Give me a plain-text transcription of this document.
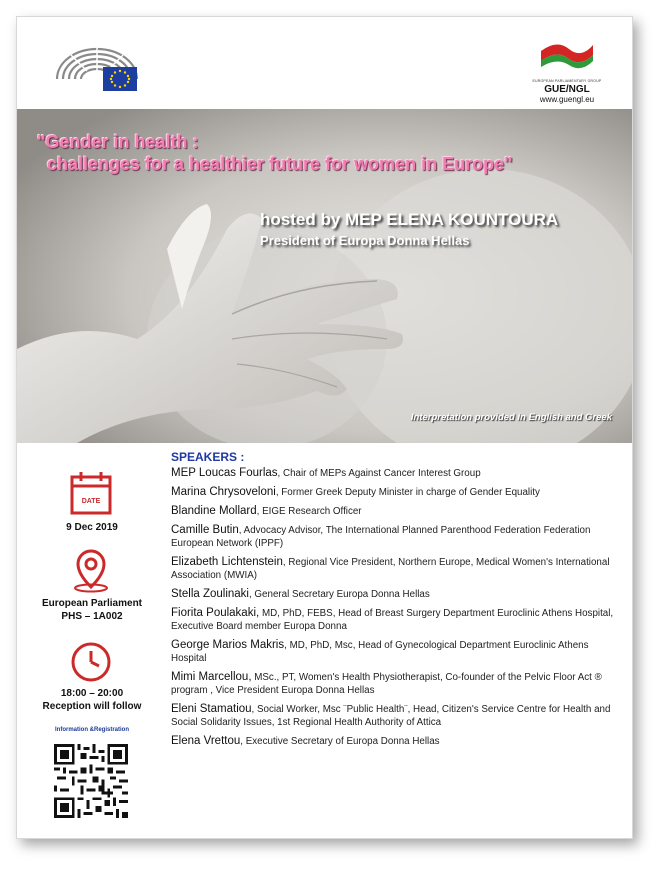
EUROPEAN PARLIAMENTARY GROUP
GUE/NGL
www.guengl.eu
"Gender in health :
challenges for a healthier future for women in Europe"
hosted by MEP ELENA KOUNTOURA
President of Europa Donna Hellas
Interpretation provided in English and Greek
DATE
9 Dec 2019
European Parliament
PHS – 1A002
18:00 – 20:00
Reception will follow
Information &Registration
SPEAKERS :
MEP Loucas Fourlas, Chair of MEPs Against Cancer Interest Group
Marina Chrysoveloni, Former Greek Deputy Minister in charge of Gender Equality
Blandine Mollard, EIGE Research Officer
Camille Butin, Advocacy Advisor, The International Planned Parenthood Federation Federation European Network (IPPF)
Elizabeth Lichtenstein, Regional Vice President, Northern Europe, Medical Women's International Association (MWIA)
Stella Zoulinaki, General Secretary Europa Donna Hellas
Fiorita Poulakaki, MD, PhD, FEBS, Head of Breast Surgery Department Euroclinic Athens Hospital, Executive Board member Europa Donna
George Marios Makris, MD, PhD, Msc, Head of Gynecological Department Euroclinic Athens Hospital
Mimi Marcellou, MSc., PT, Women's Health Physiotherapist, Co-founder of the Pelvic Floor Act ® program , Vice President Europa Donna Hellas
Eleni Stamatiou, Social Worker, Msc ¨Public Health¨, Head, Citizen's Service Centre for Health and Social Solidarity Issues, 1st Regional Health Authority of Attica
Elena Vrettou, Executive Secretary of Europa Donna Hellas
